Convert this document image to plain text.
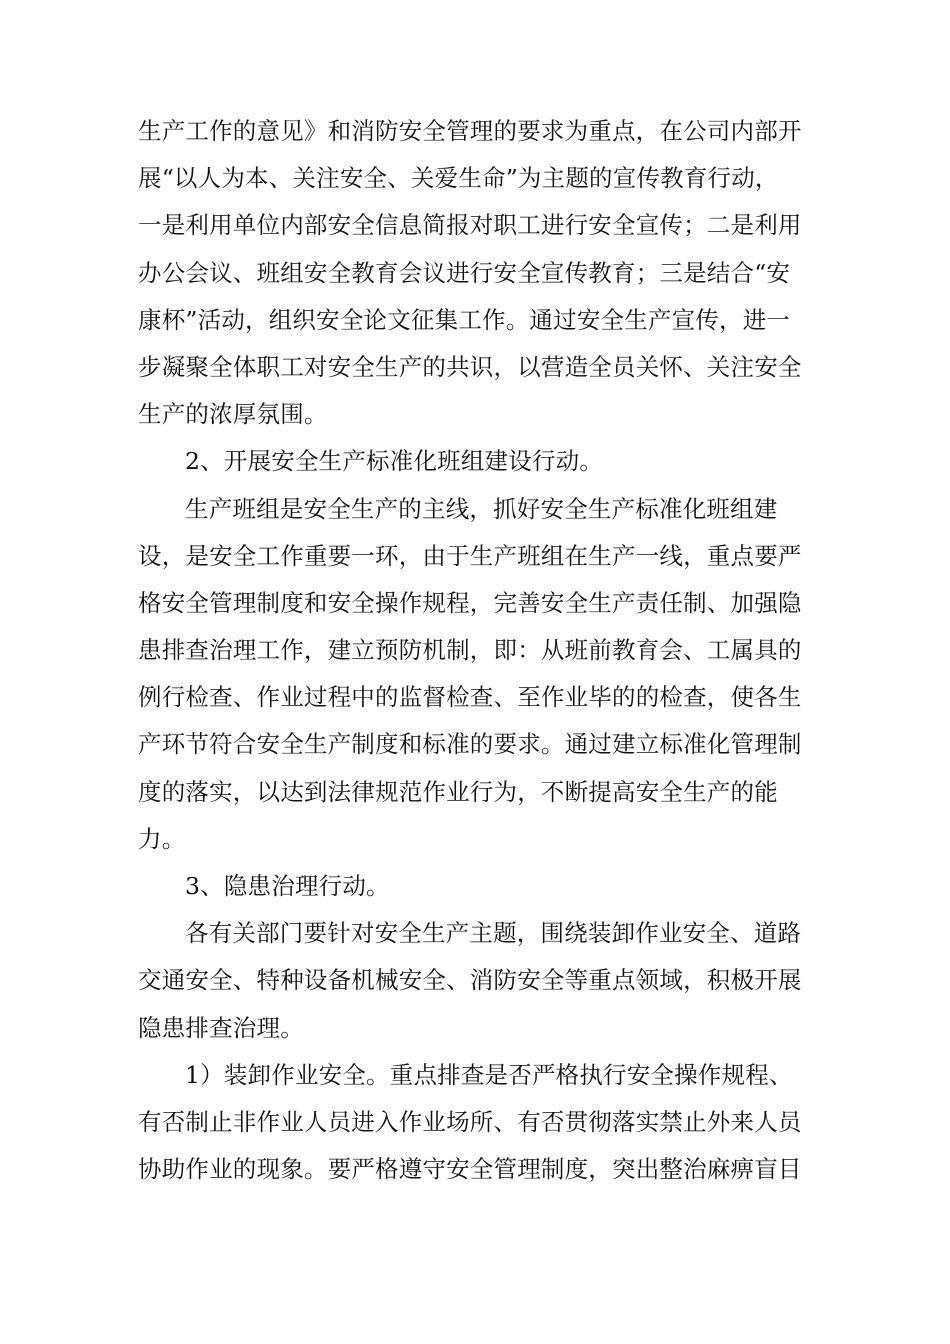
生产工作的意见》和消防安全管理的要求为重点，在公司内部开
展“以人为本、关注安全、关爱生命”为主题的宣传教育行动，
一是利用单位内部安全信息简报对职工进行安全宣传；二是利用
办公会议、班组安全教育会议进行安全宣传教育；三是结合“安
康杯”活动，组织安全论文征集工作。通过安全生产宣传，进一
步凝聚全体职工对安全生产的共识，以营造全员关怀、关注安全
生产的浓厚氛围。
2、开展安全生产标准化班组建设行动。
生产班组是安全生产的主线，抓好安全生产标准化班组建
设，是安全工作重要一环，由于生产班组在生产一线，重点要严
格安全管理制度和安全操作规程，完善安全生产责任制、加强隐
患排查治理工作，建立预防机制，即：从班前教育会、工属具的
例行检查、作业过程中的监督检查、至作业毕的的检查，使各生
产环节符合安全生产制度和标准的要求。通过建立标准化管理制
度的落实，以达到法律规范作业行为，不断提高安全生产的能
力。
3、隐患治理行动。
各有关部门要针对安全生产主题，围绕装卸作业安全、道路
交通安全、特种设备机械安全、消防安全等重点领域，积极开展
隐患排查治理。
1）装卸作业安全。重点排查是否严格执行安全操作规程、
有否制止非作业人员进入作业场所、有否贯彻落实禁止外来人员
协助作业的现象。要严格遵守安全管理制度，突出整治麻痹盲目
